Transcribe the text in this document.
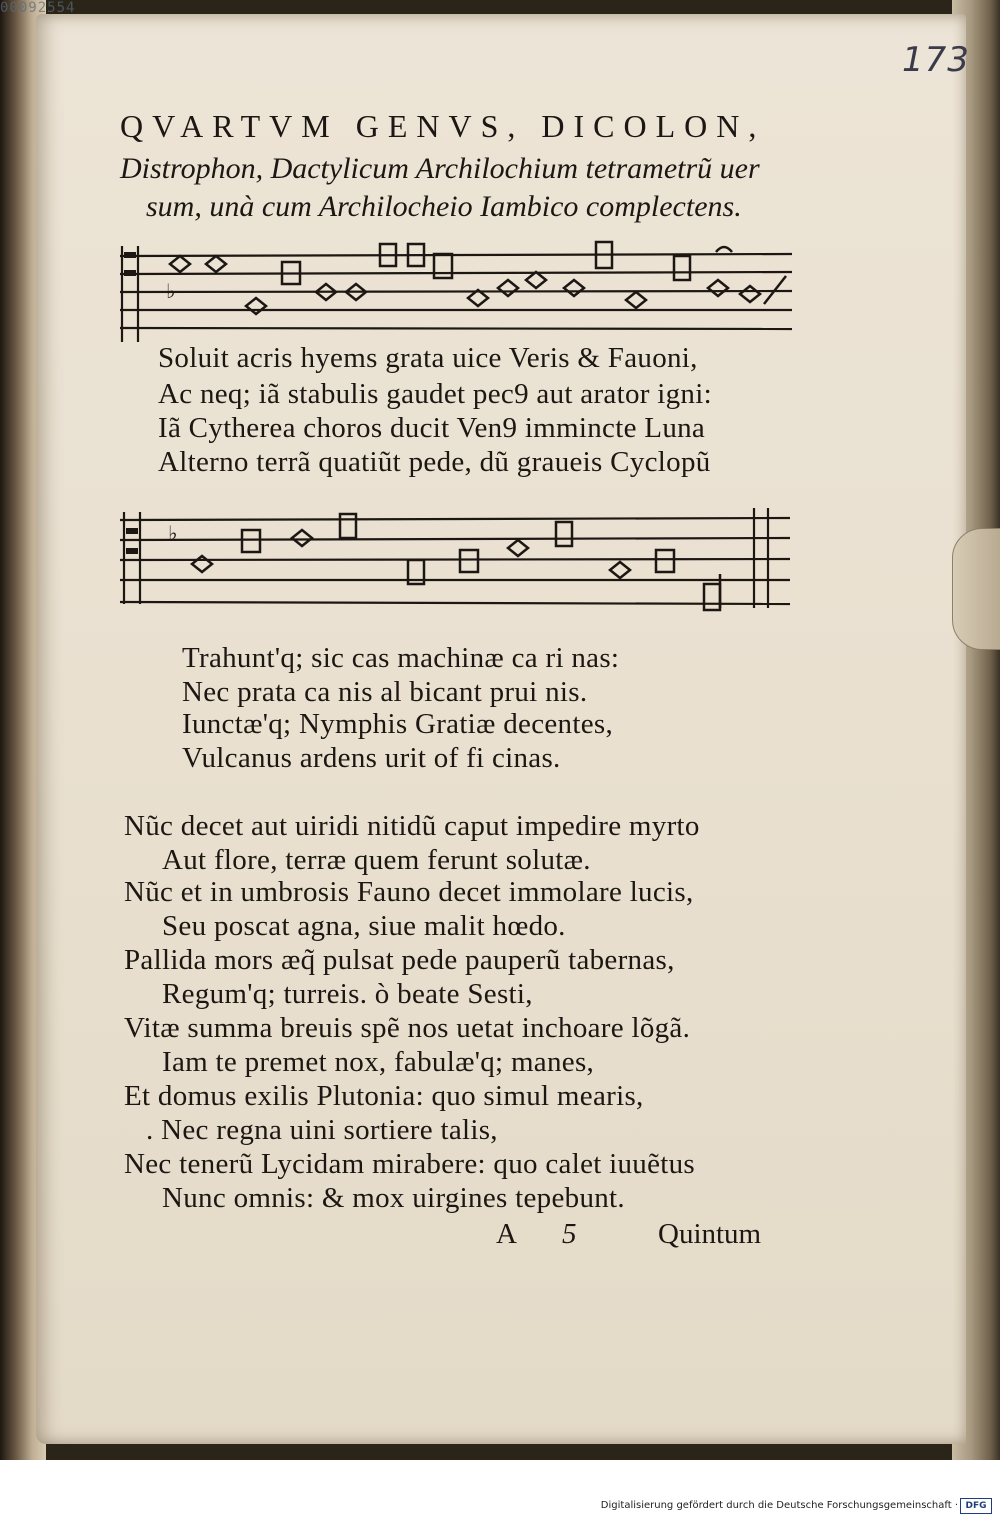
00092554
173
QVARTVM GENVS, DICOLON,
Distrophon, Dactylicum Archilochium tetrametrũ uer
sum, unà cum Archilocheio Iambico complectens.
♭
Soluit acris hyems grata uice Veris & Fauoni,
Ac neq; iã stabulis gaudet pec9 aut arator igni:
Iã Cytherea choros ducit Ven9 immincte Luna
Alterno terrã quatiũt pede, dũ graueis Cyclopũ
♭
Trahunt'q; sic cas machinæ ca ri nas:
Nec prata ca nis al bicant prui nis.
Iunctæ'q; Nymphis Gratiæ decentes,
Vulcanus ardens urit of fi cinas.
Nũc decet aut uiridi nitidũ caput impedire myrto
Aut flore, terræ quem ferunt solutæ.
Nũc et in umbrosis Fauno decet immolare lucis,
Seu poscat agna, siue malit hœdo.
Pallida mors æq̃ pulsat pede pauperũ tabernas,
Regum'q; turreis. ò beate Sesti,
Vitæ summa breuis spẽ nos uetat inchoare lõgã.
Iam te premet nox, fabulæ'q; manes,
Et domus exilis Plutonia: quo simul mearis,
. Nec regna uini sortiere talis,
Nec tenerũ Lycidam mirabere: quo calet iuuẽtus
Nunc omnis: & mox uirgines tepebunt.
A 5	Quintum
Digitalisierung gefördert durch die Deutsche Forschungsgemeinschaft · DFG
